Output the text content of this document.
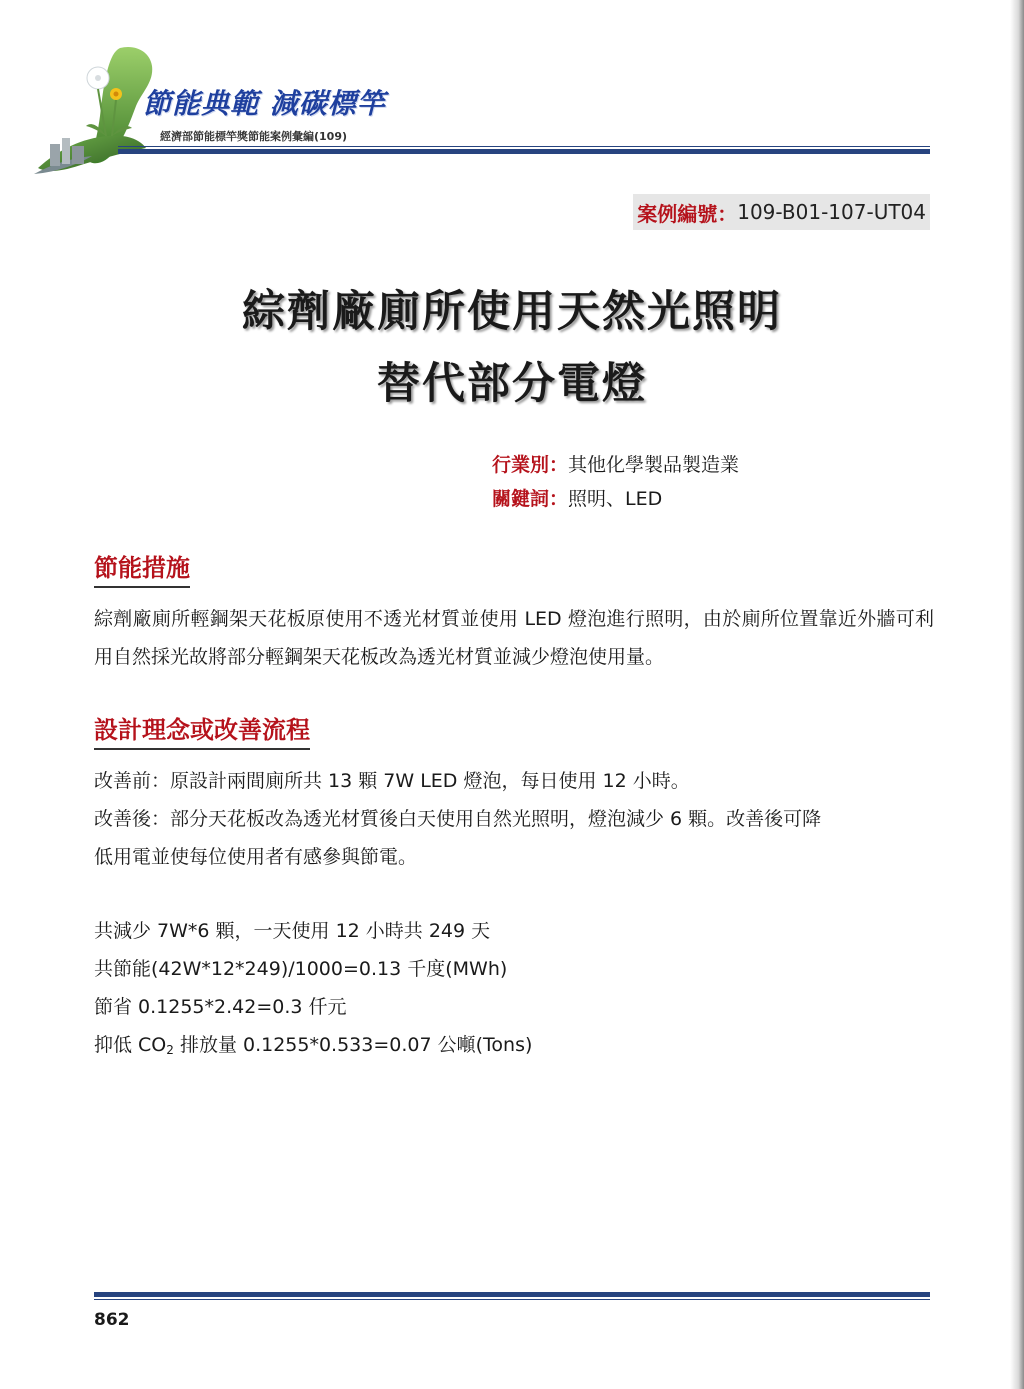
節能典範 減碳標竿
經濟部節能標竿獎節能案例彙編(109)
案例編號： 109-B01-107-UT04
綜劑廠廁所使用天然光照明
替代部分電燈
行業別：其他化學製品製造業
關鍵詞：照明、LED
節能措施
綜劑廠廁所輕鋼架天花板原使用不透光材質並使用 LED 燈泡進行照明，由於廁所位置靠近外牆可利用自然採光故將部分輕鋼架天花板改為透光材質並減少燈泡使用量。
設計理念或改善流程
改善前：原設計兩間廁所共 13 顆 7W LED 燈泡，每日使用 12 小時。
改善後：部分天花板改為透光材質後白天使用自然光照明，燈泡減少 6 顆。改善後可降
低用電並使每位使用者有感參與節電。
共減少 7W*6 顆，一天使用 12 小時共 249 天
共節能(42W*12*249)/1000=0.13 千度(MWh)
節省 0.1255*2.42=0.3 仟元
抑低 $CO_2$ 排放量 0.1255*0.533=0.07 公噸(Tons)
862
